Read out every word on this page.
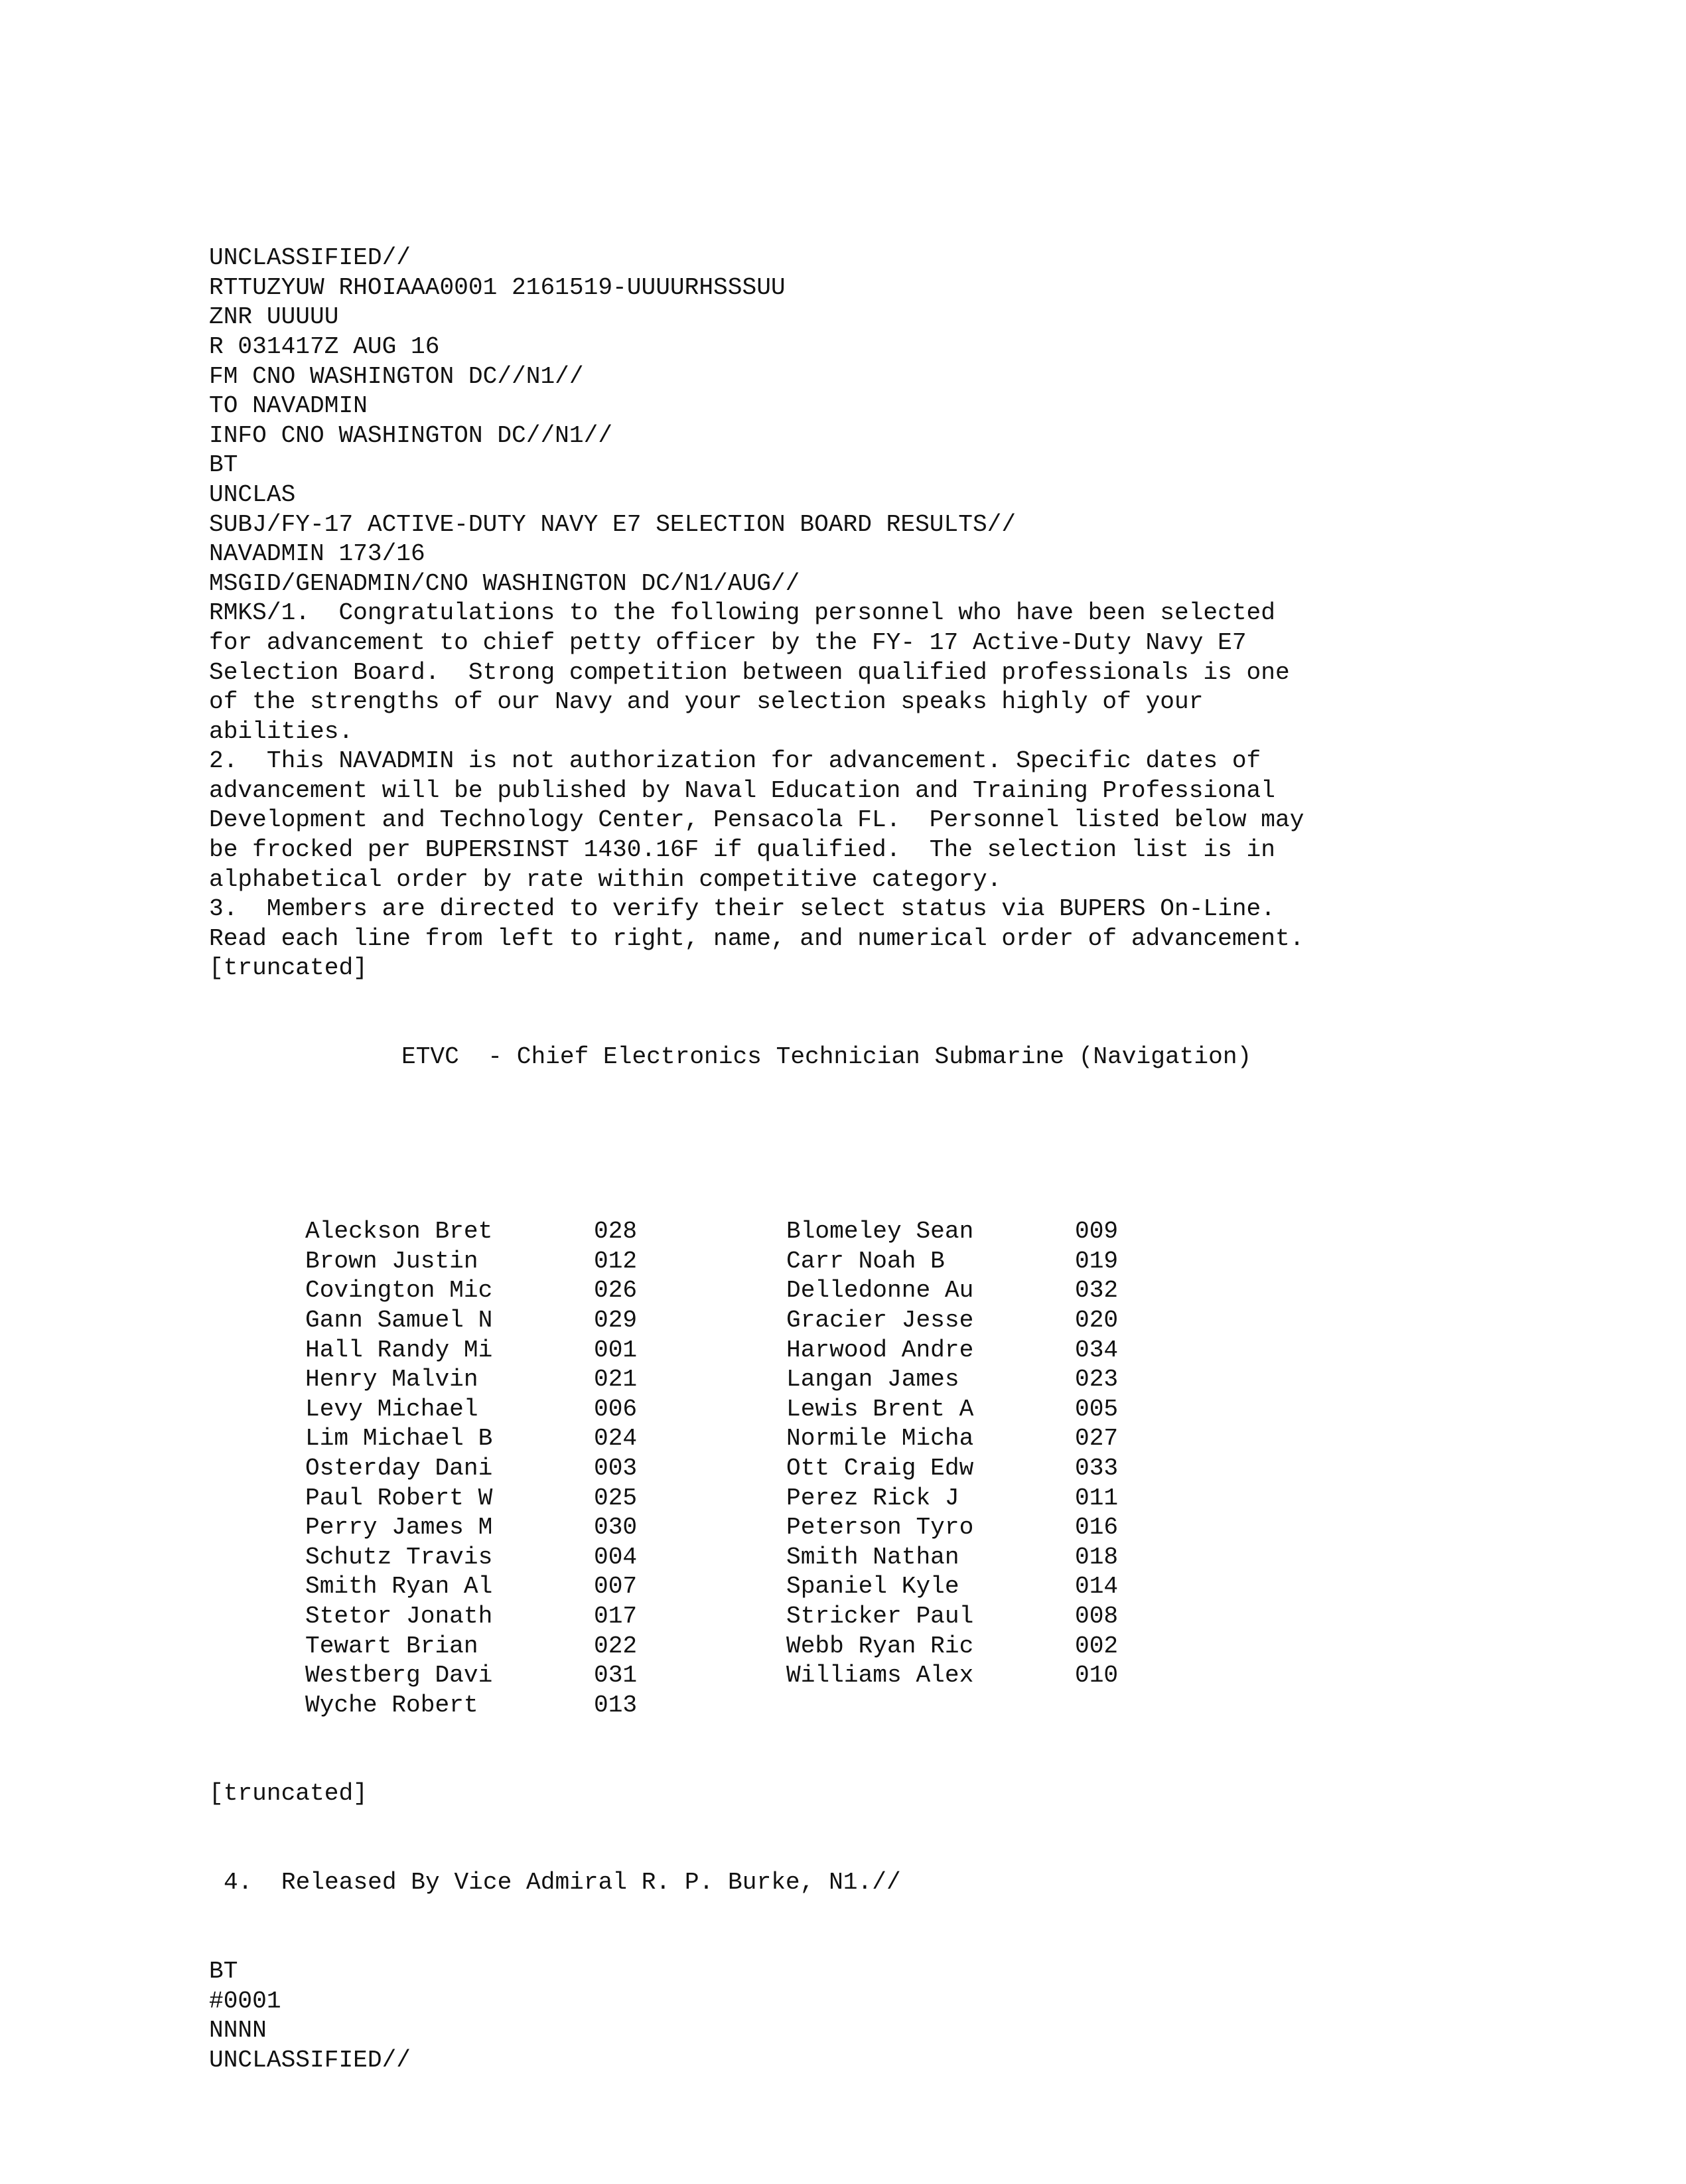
UNCLASSIFIED//
RTTUZYUW RHOIAAA0001 2161519-UUUURHSSSUU
ZNR UUUUU
R 031417Z AUG 16
FM CNO WASHINGTON DC//N1//
TO NAVADMIN
INFO CNO WASHINGTON DC//N1//
BT
UNCLAS
SUBJ/FY-17 ACTIVE-DUTY NAVY E7 SELECTION BOARD RESULTS//
NAVADMIN 173/16
MSGID/GENADMIN/CNO WASHINGTON DC/N1/AUG//
RMKS/1.  Congratulations to the following personnel who have been selected
for advancement to chief petty officer by the FY- 17 Active-Duty Navy E7
Selection Board.  Strong competition between qualified professionals is one
of the strengths of our Navy and your selection speaks highly of your
abilities.
2.  This NAVADMIN is not authorization for advancement. Specific dates of
advancement will be published by Naval Education and Training Professional
Development and Technology Center, Pensacola FL.  Personnel listed below may
be frocked per BUPERSINST 1430.16F if qualified.  The selection list is in
alphabetical order by rate within competitive category.
3.  Members are directed to verify their select status via BUPERS On-Line.
Read each line from left to right, name, and numerical order of advancement.
[truncated]

ETVC  - Chief Electronics Technician Submarine (Navigation)

Aleckson Bret	028	Blomeley Sean	009
Brown Justin	012	Carr Noah B	019
Covington Mic	026	Delledonne Au	032
Gann Samuel N	029	Gracier Jesse	020
Hall Randy Mi	001	Harwood Andre	034
Henry Malvin	021	Langan James	023
Levy Michael	006	Lewis Brent A	005
Lim Michael B	024	Normile Micha	027
Osterday Dani	003	Ott Craig Edw	033
Paul Robert W	025	Perez Rick J	011
Perry James M	030	Peterson Tyro	016
Schutz Travis	004	Smith Nathan	018
Smith Ryan Al	007	Spaniel Kyle	014
Stetor Jonath	017	Stricker Paul	008
Tewart Brian	022	Webb Ryan Ric	002
Westberg Davi	031	Williams Alex	010
Wyche Robert	013

[truncated]

4.  Released By Vice Admiral R. P. Burke, N1.//

BT
#0001
NNNN
UNCLASSIFIED//
